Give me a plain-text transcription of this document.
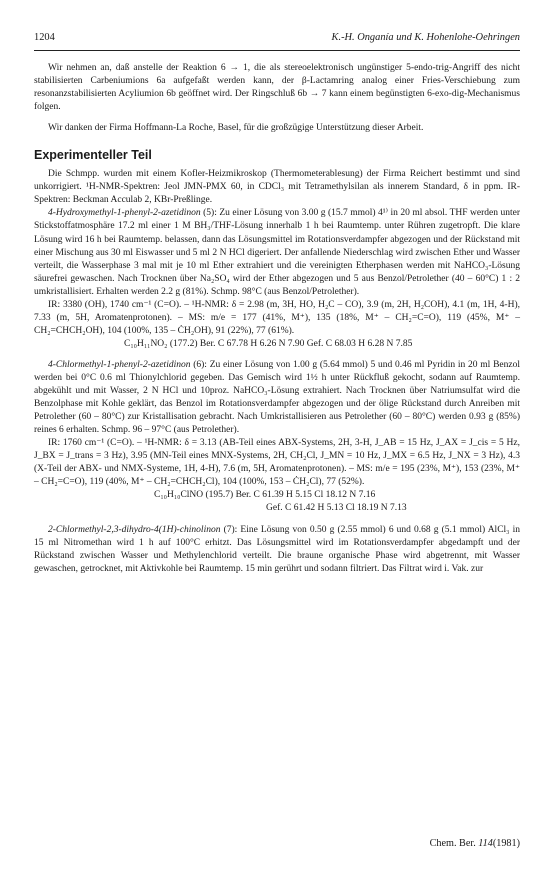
1204	K.-H. Onganía und K. Hohenlohe-Oehringen

Wir nehmen an, daß anstelle der Reaktion 6 → 1, die als stereoelektronisch ungünstiger 5-endo-trig-Angriff des nicht stabilisierten Carbeniumions 6a aufgefaßt werden kann, der β-Lactamring analog einer Fries-Verschiebung zum resonanzstabilisierten Acyliumion 6b geöffnet wird. Der Ringschluß 6b → 7 kann einem begünstigten 6-exo-dig-Mechanismus folgen.

Wir danken der Firma Hoffmann-La Roche, Basel, für die großzügige Unterstützung dieser Arbeit.

Experimenteller Teil

Die Schmpp. wurden mit einem Kofler-Heizmikroskop (Thermometerablesung) der Firma Reichert bestimmt und sind unkorrigiert. ¹H-NMR-Spektren: Jeol JMN-PMX 60, in CDCl₃ mit Tetramethylsilan als innerem Standard, δ in ppm. IR-Spektren: Beckman Acculab 2, KBr-Preßlinge.

4-Hydroxymethyl-1-phenyl-2-azetidinon (5): Zu einer Lösung von 3.00 g (15.7 mmol) 4¹⁾ in 20 ml absol. THF werden unter Stickstoffatmosphäre 17.2 ml einer 1 M BH₃/THF-Lösung innerhalb 1 h bei Raumtemp. unter Rühren zugetropft. Die klare Lösung wird 16 h bei Raumtemp. belassen, dann das Lösungsmittel im Rotationsverdampfer abgezogen und der Rückstand mit einer Mischung aus 30 ml Eiswasser und 5 ml 2 N HCl digeriert. Der anfallende Niederschlag wird zwischen Ether und Wasser verteilt, die Wasserphase 3 mal mit je 10 ml Ether extrahiert und die vereinigten Etherphasen werden mit NaHCO₃-Lösung säurefrei gewaschen. Nach Trocknen über Na₂SO₄ wird der Ether abgezogen und 5 aus Benzol/Petrolether (40 – 60°C) 1 : 2 umkristallisiert. Erhalten werden 2.2 g (81%). Schmp. 98°C (aus Benzol/Petrolether).

IR: 3380 (OH), 1740 cm⁻¹ (C=O). – ¹H-NMR: δ = 2.98 (m, 3H, HO, H₂C – CO), 3.9 (m, 2H, H₂COH), 4.1 (m, 1H, 4-H), 7.33 (m, 5H, Aromatenprotonen). – MS: m/e = 177 (41%, M⁺), 135 (18%, M⁺ – CH₂=C=O), 119 (45%, M⁺ – CH₂=CHCH₂OH), 104 (100%, 135 – ĊH₂OH), 91 (22%), 77 (61%).

C₁₀H₁₁NO₂ (177.2) Ber. C 67.78 H 6.26 N 7.90 Gef. C 68.03 H 6.28 N 7.85

4-Chlormethyl-1-phenyl-2-azetidinon (6): Zu einer Lösung von 1.00 g (5.64 mmol) 5 und 0.46 ml Pyridin in 20 ml Benzol werden bei 0°C 0.6 ml Thionylchlorid gegeben. Das Gemisch wird 1½ h unter Rückfluß gekocht, sodann auf Raumtemp. abgekühlt und mit Wasser, 2 N HCl und 10proz. NaHCO₃-Lösung extrahiert. Nach Trocknen über Natriumsulfat wird die Benzolphase mit Kohle geklärt, das Benzol im Rotationsverdampfer abgezogen und der ölige Rückstand durch Anreiben mit Petrolether (60 – 80°C) zur Kristallisation gebracht. Nach Umkristallisieren aus Petrolether (60 – 80°C) werden 0.93 g (85%) reines 6 erhalten. Schmp. 96 – 97°C (aus Petrolether).

IR: 1760 cm⁻¹ (C=O). – ¹H-NMR: δ = 3.13 (AB-Teil eines ABX-Systems, 2H, 3-H, J_AB = 15 Hz, J_AX = J_cis = 5 Hz, J_BX = J_trans = 3 Hz), 3.95 (MN-Teil eines MNX-Systems, 2H, CH₂Cl, J_MN = 10 Hz, J_MX = 6.5 Hz, J_NX = 3 Hz), 4.3 (X-Teil der ABX- und NMX-Systeme, 1H, 4-H), 7.6 (m, 5H, Aromatenprotonen). – MS: m/e = 195 (23%, M⁺), 153 (23%, M⁺ – CH₂=C=O), 119 (40%, M⁺ – CH₂=CHCH₂Cl), 104 (100%, 153 – ĊH₂Cl), 77 (52%).

C₁₀H₁₀ClNO (195.7) Ber. C 61.39 H 5.15 Cl 18.12 N 7.16
Gef. C 61.42 H 5.13 Cl 18.19 N 7.13

2-Chlormethyl-2,3-dihydro-4(1H)-chinolinon (7): Eine Lösung von 0.50 g (2.55 mmol) 6 und 0.68 g (5.1 mmol) AlCl₃ in 15 ml Nitromethan wird 1 h auf 100°C erhitzt. Das Lösungsmittel wird im Rotationsverdampfer abgedampft und der Rückstand zwischen Wasser und Methylenchlorid verteilt. Die braune organische Phase wird abgetrennt, mit Wasser gewaschen, getrocknet, mit Aktivkohle bei Raumtemp. 15 min gerührt und sodann filtriert. Das Filtrat wird i. Vak. zur

Chem. Ber. 114(1981)
